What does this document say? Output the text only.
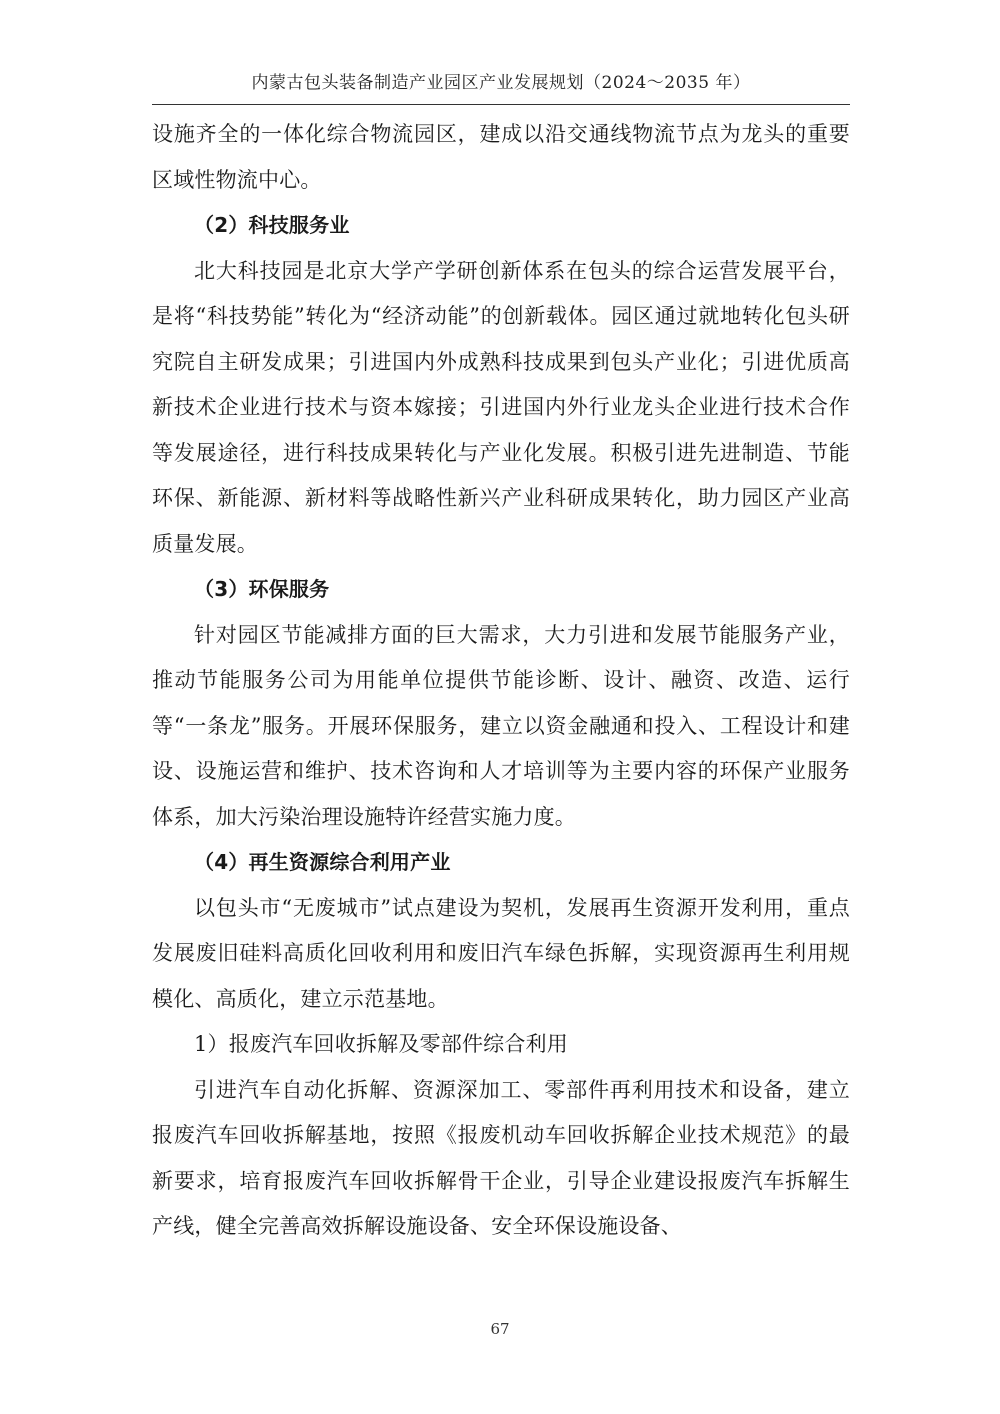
内蒙古包头装备制造产业园区产业发展规划（2024～2035 年）

设施齐全的一体化综合物流园区，建成以沿交通线物流节点为龙头的重要区域性物流中心。

（2）科技服务业

北大科技园是北京大学产学研创新体系在包头的综合运营发展平台，是将“科技势能”转化为“经济动能”的创新载体。园区通过就地转化包头研究院自主研发成果；引进国内外成熟科技成果到包头产业化；引进优质高新技术企业进行技术与资本嫁接；引进国内外行业龙头企业进行技术合作等发展途径，进行科技成果转化与产业化发展。积极引进先进制造、节能环保、新能源、新材料等战略性新兴产业科研成果转化，助力园区产业高质量发展。

（3）环保服务

针对园区节能减排方面的巨大需求，大力引进和发展节能服务产业，推动节能服务公司为用能单位提供节能诊断、设计、融资、改造、运行等“一条龙”服务。开展环保服务，建立以资金融通和投入、工程设计和建设、设施运营和维护、技术咨询和人才培训等为主要内容的环保产业服务体系，加大污染治理设施特许经营实施力度。

（4）再生资源综合利用产业

以包头市“无废城市”试点建设为契机，发展再生资源开发利用，重点发展废旧硅料高质化回收利用和废旧汽车绿色拆解，实现资源再生利用规模化、高质化，建立示范基地。

1）报废汽车回收拆解及零部件综合利用

引进汽车自动化拆解、资源深加工、零部件再利用技术和设备，建立报废汽车回收拆解基地，按照《报废机动车回收拆解企业技术规范》的最新要求，培育报废汽车回收拆解骨干企业，引导企业建设报废汽车拆解生产线，健全完善高效拆解设施设备、安全环保设施设备、

67
